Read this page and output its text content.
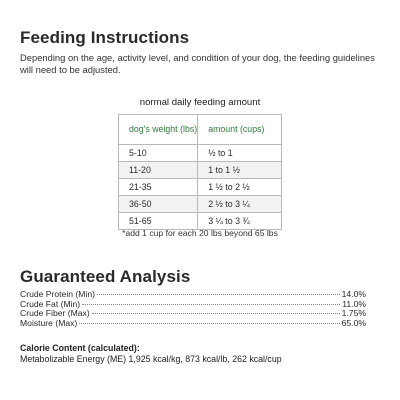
Feeding Instructions
Depending on the age, activity level, and condition of your dog, the feeding guidelines will need to be adjusted.
normal daily feeding amount
dog's weight (lbs)	amount (cups)
5-10	½ to 1
11-20	1 to 1 ½
21-35	1 ½ to 2 ½
36-50	2 ½ to 3 ¼
51-65	3 ¼ to 3 ¾
*add 1 cup for each 20 lbs beyond 65 lbs
Guaranteed Analysis
Crude Protein (Min)	14.0%
Crude Fat (Min)	11.0%
Crude Fiber (Max)	1.75%
Moisture (Max)	65.0%
Calorie Content (calculated):
Metabolizable Energy (ME) 1,925 kcal/kg, 873 kcal/lb, 262 kcal/cup
